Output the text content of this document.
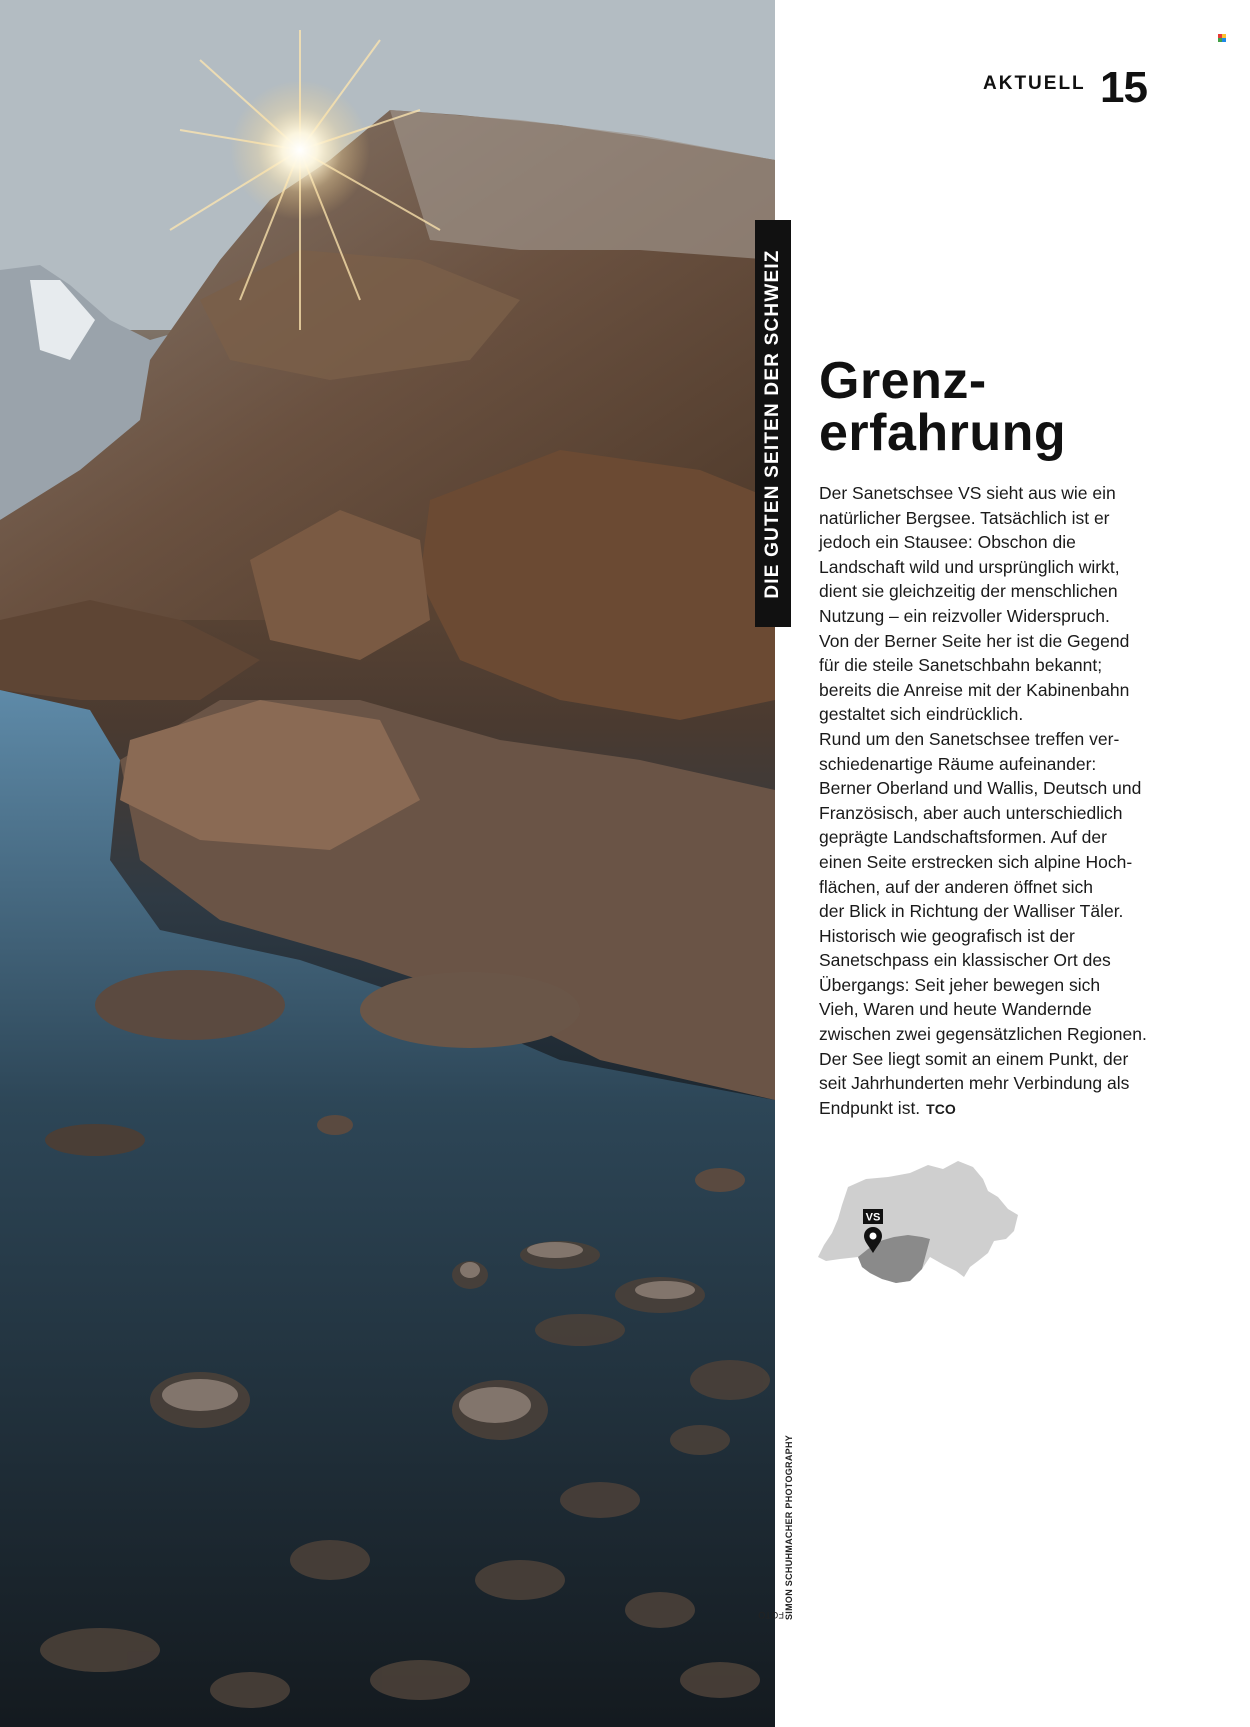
DIE GUTEN SEITEN DER SCHWEIZ
FOTO SIMON SCHUHMACHER PHOTOGRAPHY
AKTUELL 15
Grenz-
erfahrung
Der Sanetschsee VS sieht aus wie ein
natürlicher Bergsee. Tatsächlich ist er
jedoch ein Stausee: Obschon die
Landschaft wild und ursprünglich wirkt,
dient sie gleichzeitig der menschlichen
Nutzung – ein reizvoller Widerspruch.
Von der Berner Seite her ist die Gegend
für die steile Sanetschbahn bekannt;
bereits die Anreise mit der Kabinenbahn
gestaltet sich eindrücklich.
Rund um den Sanetschsee treffen ver-
schiedenartige Räume aufeinander:
Berner Oberland und Wallis, Deutsch und
Französisch, aber auch unterschiedlich
geprägte Landschaftsformen. Auf der
einen Seite erstrecken sich alpine Hoch-
flächen, auf der anderen öffnet sich
der Blick in Richtung der Walliser Täler.
Historisch wie geografisch ist der
Sanetschpass ein klassischer Ort des
Übergangs: Seit jeher bewegen sich
Vieh, Waren und heute Wandernde
zwischen zwei gegensätzlichen Regionen.
Der See liegt somit an einem Punkt, der
seit Jahrhunderten mehr Verbindung als
Endpunkt ist. TCO
VS
